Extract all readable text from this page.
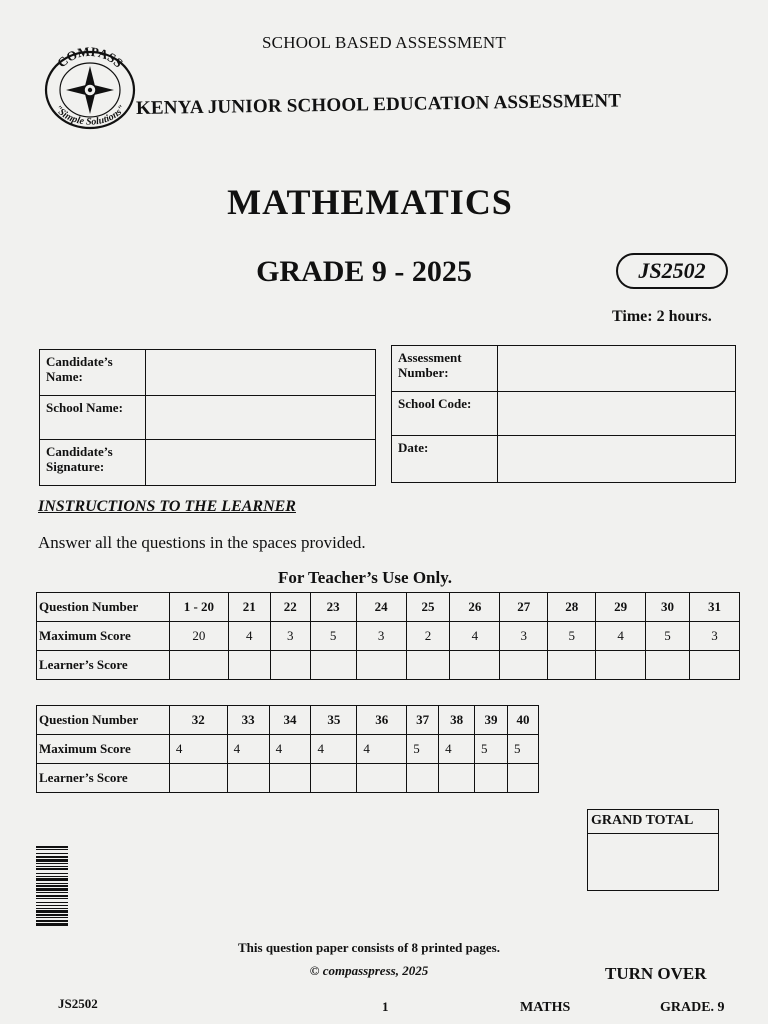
COMPASS
"Simple Solutions"
SCHOOL BASED ASSESSMENT
KENYA JUNIOR SCHOOL EDUCATION ASSESSMENT
MATHEMATICS
GRADE 9 - 2025	JS2502
Time: 2 hours.
Candidate’s Name:	
School Name:	
Candidate’s Signature:	
Assessment Number:	
School Code:	
Date:	
INSTRUCTIONS TO THE LEARNER
Answer all the questions in the spaces provided.
For Teacher’s Use Only.
Question Number	1 - 20	21	22	23	24	25	26	27	28	29	30	31
Maximum Score	20	4	3	5	3	2	4	3	5	4	5	3
Learner’s Score												
Question Number	32	33	34	35	36	37	38	39	40
Maximum Score	4	4	4	4	4	5	4	5	5
Learner’s Score									
GRAND TOTAL
This question paper consists of 8 printed pages.
© compasspress, 2025	TURN OVER
JS2502	1	MATHS	GRADE. 9
